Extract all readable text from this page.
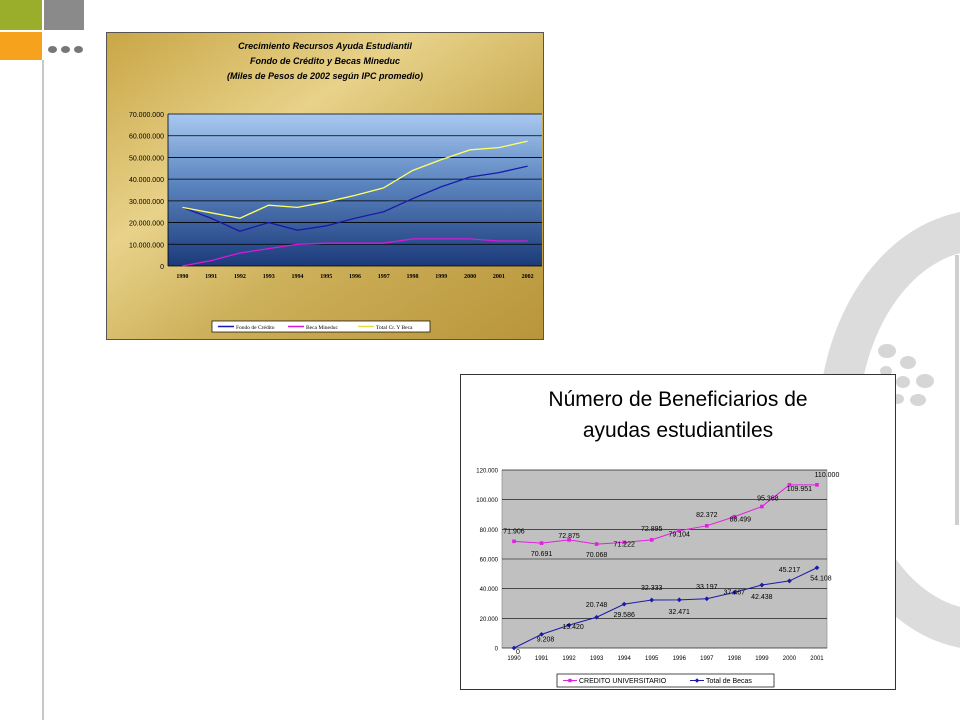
Crecimiento Recursos Ayuda Estudiantil
Fondo de Crédito y Becas Mineduc
(Miles de Pesos de 2002 según IPC promedio)
0
10.000.000
20.000.000
30.000.000
40.000.000
50.000.000
60.000.000
70.000.000
1990	1991	1992	1993	1994	1995	1996	1997	1998	1999	2000	2001	2002
Fondo de Crédito	Beca Mineduc	Total Cr. Y Beca
Número de Beneficiarios de
ayudas estudiantiles
0
20.000
40.000
60.000
80.000
100.000
120.000
1990 1991 1992 1993 1994 1995 1996 1997 1998 1999 2000 2001
71.906
70.691
72.875
70.068
71.222
72.895
79.104
82.372
88.499
95.368
109.951
110.000
0
9.208
15.420
20.748
29.586
32.333
32.471
33.197
37.467
42.438
45.217
54.108
CREDITO UNIVERSITARIO	Total de Becas
